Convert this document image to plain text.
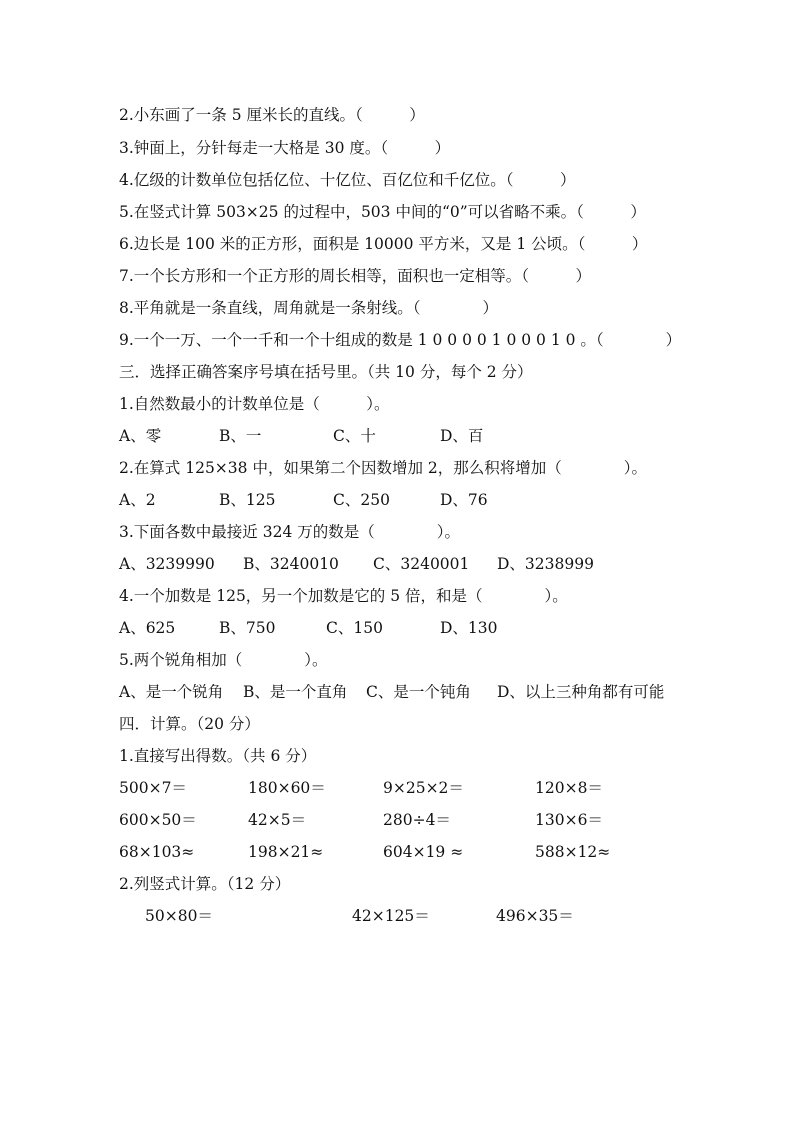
2.小东画了一条 5 厘米长的直线。（　　　）
3.钟面上，分针每走一大格是 30 度。（　　　）
4.亿级的计数单位包括亿位、十亿位、百亿位和千亿位。（　　　）
5.在竖式计算 503×25 的过程中，503 中间的“0”可以省略不乘。（　　　）
6.边长是 100 米的正方形，面积是 10000 平方米，又是 1 公顷。（　　　）
7.一个长方形和一个正方形的周长相等，面积也一定相等。（　　　）
8.平角就是一条直线，周角就是一条射线。（　　　　）
9.一个一万、一个一千和一个十组成的数是 1 0 0 0 0 1 0 0 0 1 0 。（　　　　）
三．选择正确答案序号填在括号里。（共 10 分，每个 2 分）
1.自然数最小的计数单位是（　　　）。
A、零	B、一	C、十	D、百
2.在算式 125×38 中，如果第二个因数增加 2，那么积将增加（　　　　）。
A、2	B、125	C、250	D、76
3.下面各数中最接近 324 万的数是（　　　　）。
A、3239990 B、3240010 C、3240001 D、3238999
4.一个加数是 125，另一个加数是它的 5 倍，和是（　　　　）。
A、625	B、750	C、150	D、130
5.两个锐角相加（　　　　）。
A、是一个锐角 B、是一个直角 C、是一个钝角 D、以上三种角都有可能
四．计算。（20 分）
1.直接写出得数。（共 6 分）
500×7＝	180×60＝	9×25×2＝	120×8＝
600×50＝	42×5＝	280÷4＝	130×6＝
68×103≈	198×21≈	604×19 ≈	588×12≈
2.列竖式计算。（12 分）
50×80＝	42×125＝	496×35＝
